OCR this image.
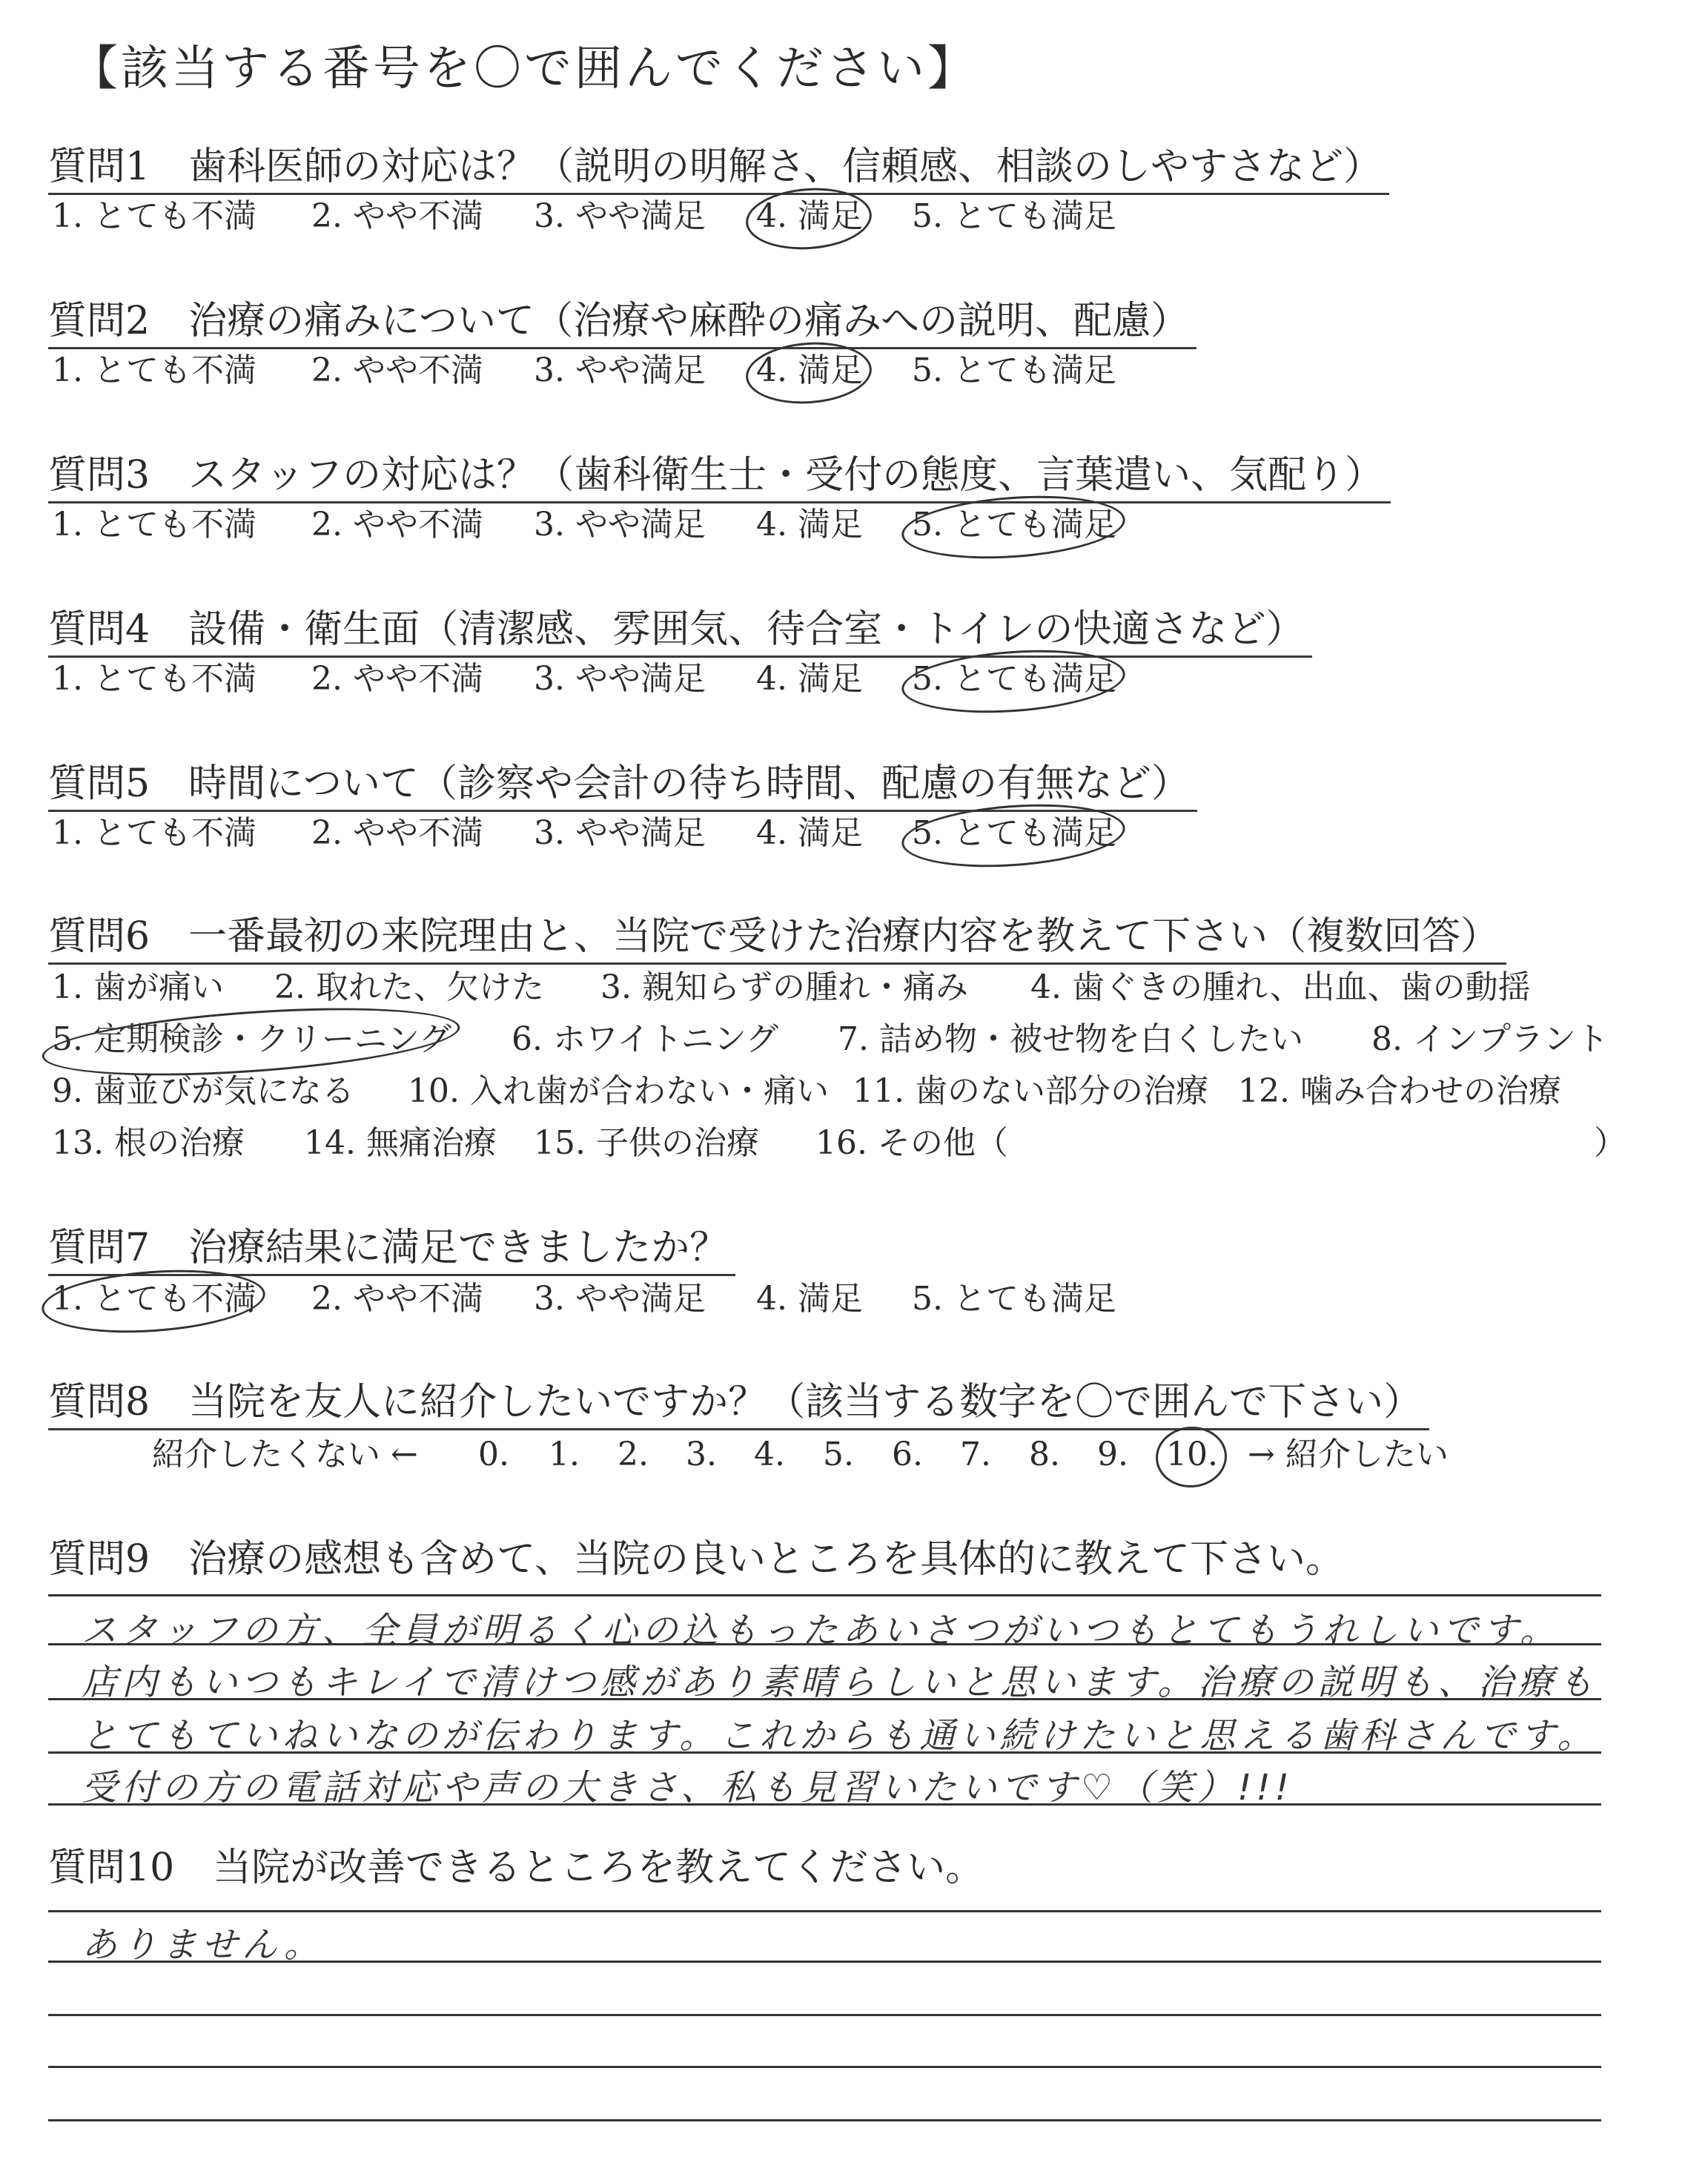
【該当する番号を〇で囲んでください】
質問1　歯科医師の対応は？（説明の明解さ、信頼感、相談のしやすさなど）
1. とても不満 2. やや不満 3. やや満足 4. 満足 5. とても満足
質問2　治療の痛みについて（治療や麻酔の痛みへの説明、配慮）
1. とても不満 2. やや不満 3. やや満足 4. 満足 5. とても満足
質問3　スタッフの対応は？（歯科衛生士・受付の態度、言葉遣い、気配り）
1. とても不満 2. やや不満 3. やや満足 4. 満足 5. とても満足
質問4　設備・衛生面（清潔感、雰囲気、待合室・トイレの快適さなど）
1. とても不満 2. やや不満 3. やや満足 4. 満足 5. とても満足
質問5　時間について（診察や会計の待ち時間、配慮の有無など）
1. とても不満 2. やや不満 3. やや満足 4. 満足 5. とても満足
質問6　一番最初の来院理由と、当院で受けた治療内容を教えて下さい（複数回答）
1. 歯が痛い 2. 取れた、欠けた 3. 親知らずの腫れ・痛み 4. 歯ぐきの腫れ、出血、歯の動揺
5. 定期検診・クリーニング 6. ホワイトニング 7. 詰め物・被せ物を白くしたい 8. インプラント
9. 歯並びが気になる 10. 入れ歯が合わない・痛い 11. 歯のない部分の治療 12. 噛み合わせの治療
13. 根の治療 14. 無痛治療 15. 子供の治療 16. その他（	）
質問7　治療結果に満足できましたか？
1. とても不満 2. やや不満 3. やや満足 4. 満足 5. とても満足
質問8　当院を友人に紹介したいですか？（該当する数字を〇で囲んで下さい）
紹介したくない ← 0. 1. 2. 3. 4. 5. 6. 7. 8. 9. 10. → 紹介したい
質問9　治療の感想も含めて、当院の良いところを具体的に教えて下さい。
スタッフの方、全員が明るく心の込もったあいさつがいつもとてもうれしいです。
店内もいつもキレイで清けつ感があり素晴らしいと思います。治療の説明も、治療も
とてもていねいなのが伝わります。これからも通い続けたいと思える歯科さんです。
受付の方の電話対応や声の大きさ、私も見習いたいです♡（笑）!!!
質問10　当院が改善できるところを教えてください。
ありません。
